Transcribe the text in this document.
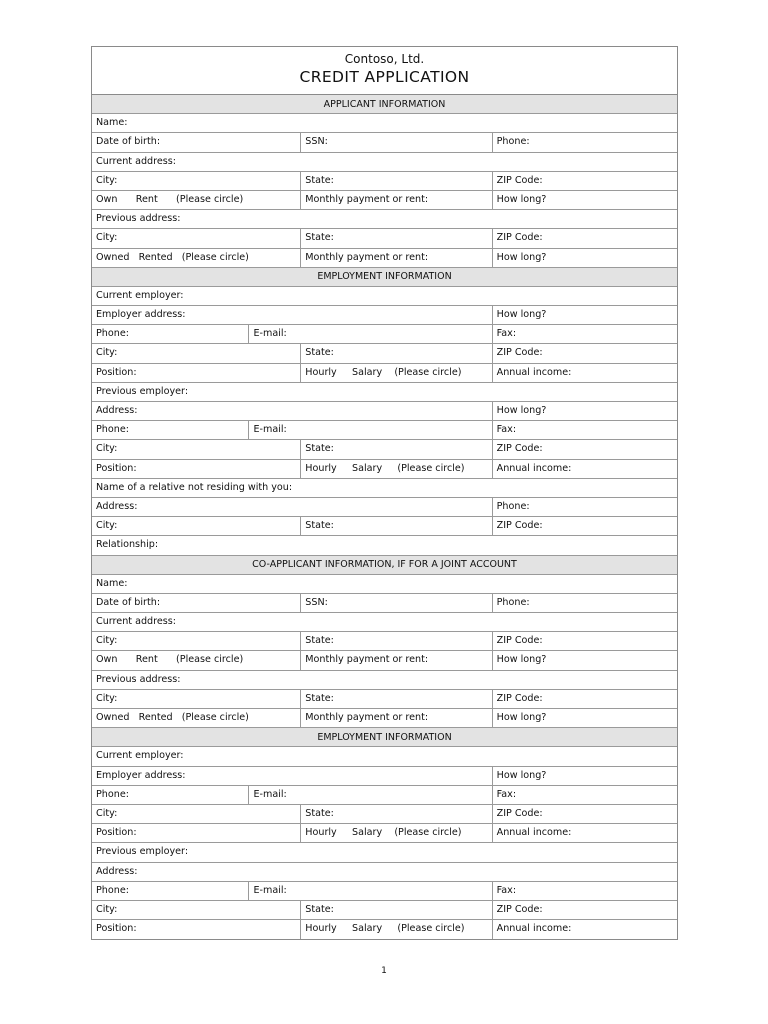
Contoso, Ltd.
CREDIT APPLICATION
APPLICANT INFORMATION
Name:
Date of birth:	SSN:	Phone:
Current address:
City:	State:	ZIP Code:
Own      Rent      (Please circle)	Monthly payment or rent:	How long?
Previous address:
City:	State:	ZIP Code:
Owned   Rented   (Please circle)	Monthly payment or rent:	How long?
EMPLOYMENT INFORMATION
Current employer:
Employer address:	How long?
Phone:	E-mail:	Fax:
City:	State:	ZIP Code:
Position:	Hourly     Salary    (Please circle)	Annual income:
Previous employer:
Address:	How long?
Phone:	E-mail:	Fax:
City:	State:	ZIP Code:
Position:	Hourly     Salary     (Please circle)	Annual income:
Name of a relative not residing with you:
Address:	Phone:
City:	State:	ZIP Code:
Relationship:
CO-APPLICANT INFORMATION, IF FOR A JOINT ACCOUNT
Name:
Date of birth:	SSN:	Phone:
Current address:
City:	State:	ZIP Code:
Own      Rent      (Please circle)	Monthly payment or rent:	How long?
Previous address:
City:	State:	ZIP Code:
Owned   Rented   (Please circle)	Monthly payment or rent:	How long?
EMPLOYMENT INFORMATION
Current employer:
Employer address:	How long?
Phone:	E-mail:	Fax:
City:	State:	ZIP Code:
Position:	Hourly     Salary    (Please circle)	Annual income:
Previous employer:
Address:
Phone:	E-mail:	Fax:
City:	State:	ZIP Code:
Position:	Hourly     Salary     (Please circle)	Annual income:
1
